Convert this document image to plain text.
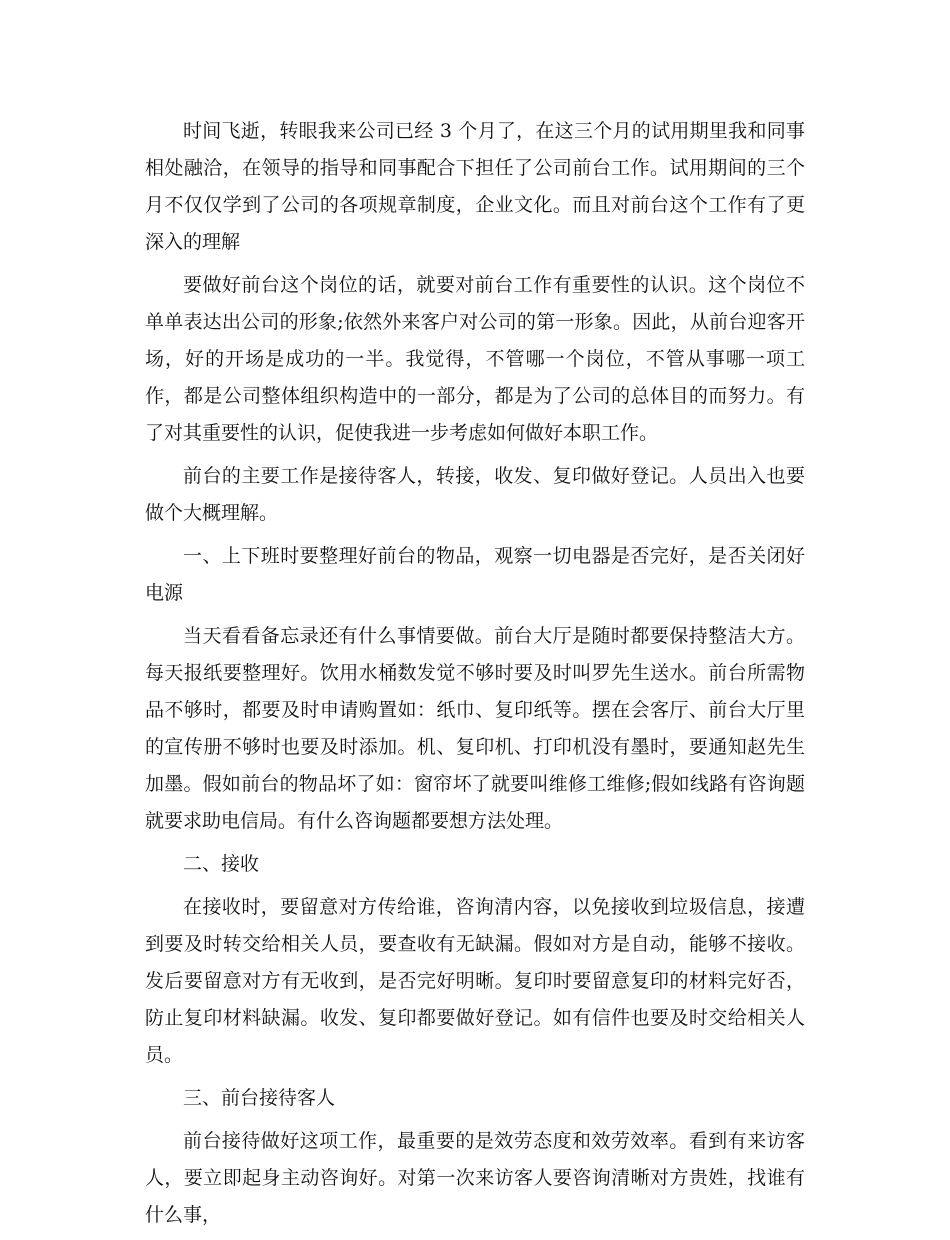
时间飞逝，转眼我来公司已经 3 个月了，在这三个月的试用期里我和同事相处融洽，在领导的指导和同事配合下担任了公司前台工作。试用期间的三个月不仅仅学到了公司的各项规章制度，企业文化。而且对前台这个工作有了更深入的理解

要做好前台这个岗位的话，就要对前台工作有重要性的认识。这个岗位不单单表达出公司的形象;依然外来客户对公司的第一形象。因此，从前台迎客开场，好的开场是成功的一半。我觉得，不管哪一个岗位，不管从事哪一项工作，都是公司整体组织构造中的一部分，都是为了公司的总体目的而努力。有了对其重要性的认识，促使我进一步考虑如何做好本职工作。

前台的主要工作是接待客人，转接，收发、复印做好登记。人员出入也要做个大概理解。

一、上下班时要整理好前台的物品，观察一切电器是否完好，是否关闭好电源

当天看看备忘录还有什么事情要做。前台大厅是随时都要保持整洁大方。每天报纸要整理好。饮用水桶数发觉不够时要及时叫罗先生送水。前台所需物品不够时，都要及时申请购置如：纸巾、复印纸等。摆在会客厅、前台大厅里的宣传册不够时也要及时添加。机、复印机、打印机没有墨时，要通知赵先生加墨。假如前台的物品坏了如：窗帘坏了就要叫维修工维修;假如线路有咨询题就要求助电信局。有什么咨询题都要想方法处理。

二、接收

在接收时，要留意对方传给谁，咨询清内容，以免接收到垃圾信息，接遭到要及时转交给相关人员，要查收有无缺漏。假如对方是自动，能够不接收。发后要留意对方有无收到，是否完好明晰。复印时要留意复印的材料完好否，防止复印材料缺漏。收发、复印都要做好登记。如有信件也要及时交给相关人员。

三、前台接待客人

前台接待做好这项工作，最重要的是效劳态度和效劳效率。看到有来访客人，要立即起身主动咨询好。对第一次来访客人要咨询清晰对方贵姓，找谁有什么事，
